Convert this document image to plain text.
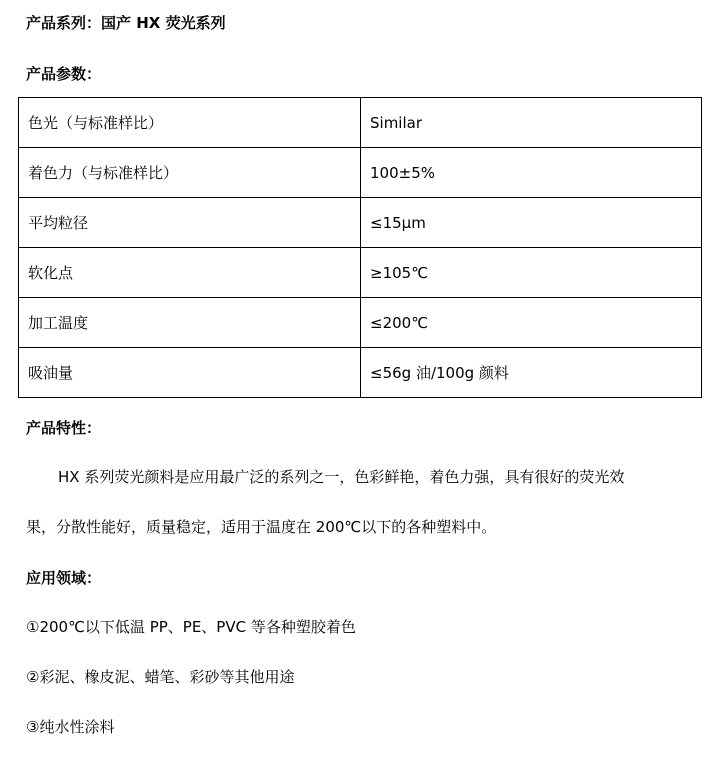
产品系列：国产 HX 荧光系列
产品参数：
色光（与标准样比）	Similar
着色力（与标准样比）	100±5%
平均粒径	≤15μm
软化点	≥105℃
加工温度	≤200℃
吸油量	≤56g 油/100g 颜料
产品特性：
HX 系列荧光颜料是应用最广泛的系列之一，色彩鲜艳，着色力强，具有很好的荧光效
果，分散性能好，质量稳定，适用于温度在 200℃以下的各种塑料中。
应用领域：
①200℃以下低温 PP、PE、PVC 等各种塑胶着色
②彩泥、橡皮泥、蜡笔、彩砂等其他用途
③纯水性涂料
